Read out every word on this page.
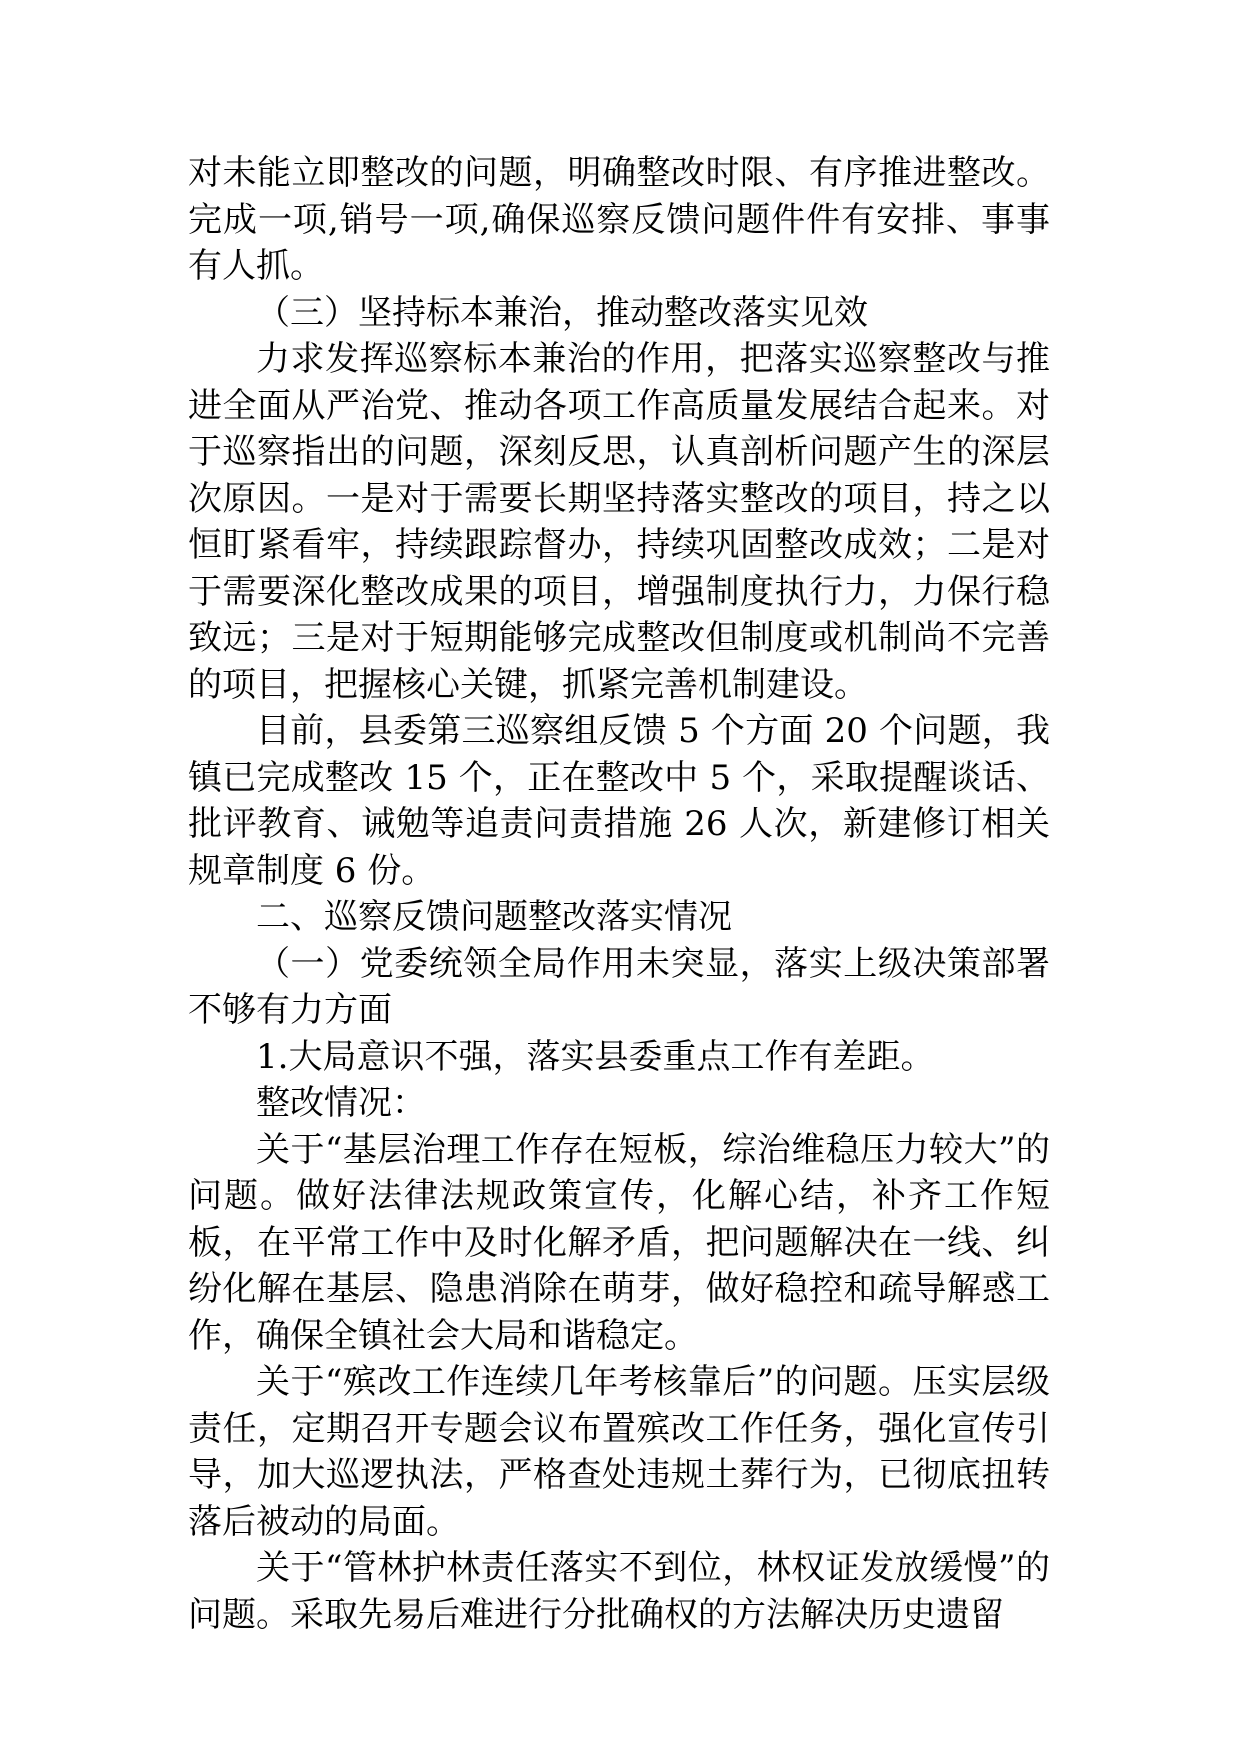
对未能立即整改的问题，明确整改时限、有序推进整改。完成一项,销号一项,确保巡察反馈问题件件有安排、事事有人抓。

（三）坚持标本兼治，推动整改落实见效

力求发挥巡察标本兼治的作用，把落实巡察整改与推进全面从严治党、推动各项工作高质量发展结合起来。对于巡察指出的问题，深刻反思，认真剖析问题产生的深层次原因。一是对于需要长期坚持落实整改的项目，持之以恒盯紧看牢，持续跟踪督办，持续巩固整改成效；二是对于需要深化整改成果的项目，增强制度执行力，力保行稳致远；三是对于短期能够完成整改但制度或机制尚不完善的项目，把握核心关键，抓紧完善机制建设。

目前，县委第三巡察组反馈 5 个方面 20 个问题，我镇已完成整改 15 个，正在整改中 5 个，采取提醒谈话、批评教育、诫勉等追责问责措施 26 人次，新建修订相关规章制度 6 份。

二、巡察反馈问题整改落实情况

（一）党委统领全局作用未突显，落实上级决策部署不够有力方面

1.大局意识不强，落实县委重点工作有差距。

整改情况：

关于“基层治理工作存在短板，综治维稳压力较大”的问题。做好法律法规政策宣传，化解心结，补齐工作短板，在平常工作中及时化解矛盾，把问题解决在一线、纠纷化解在基层、隐患消除在萌芽，做好稳控和疏导解惑工作，确保全镇社会大局和谐稳定。

关于“殡改工作连续几年考核靠后”的问题。压实层级责任，定期召开专题会议布置殡改工作任务，强化宣传引导，加大巡逻执法，严格查处违规土葬行为，已彻底扭转落后被动的局面。

关于“管林护林责任落实不到位，林权证发放缓慢”的问题。采取先易后难进行分批确权的方法解决历史遗留
